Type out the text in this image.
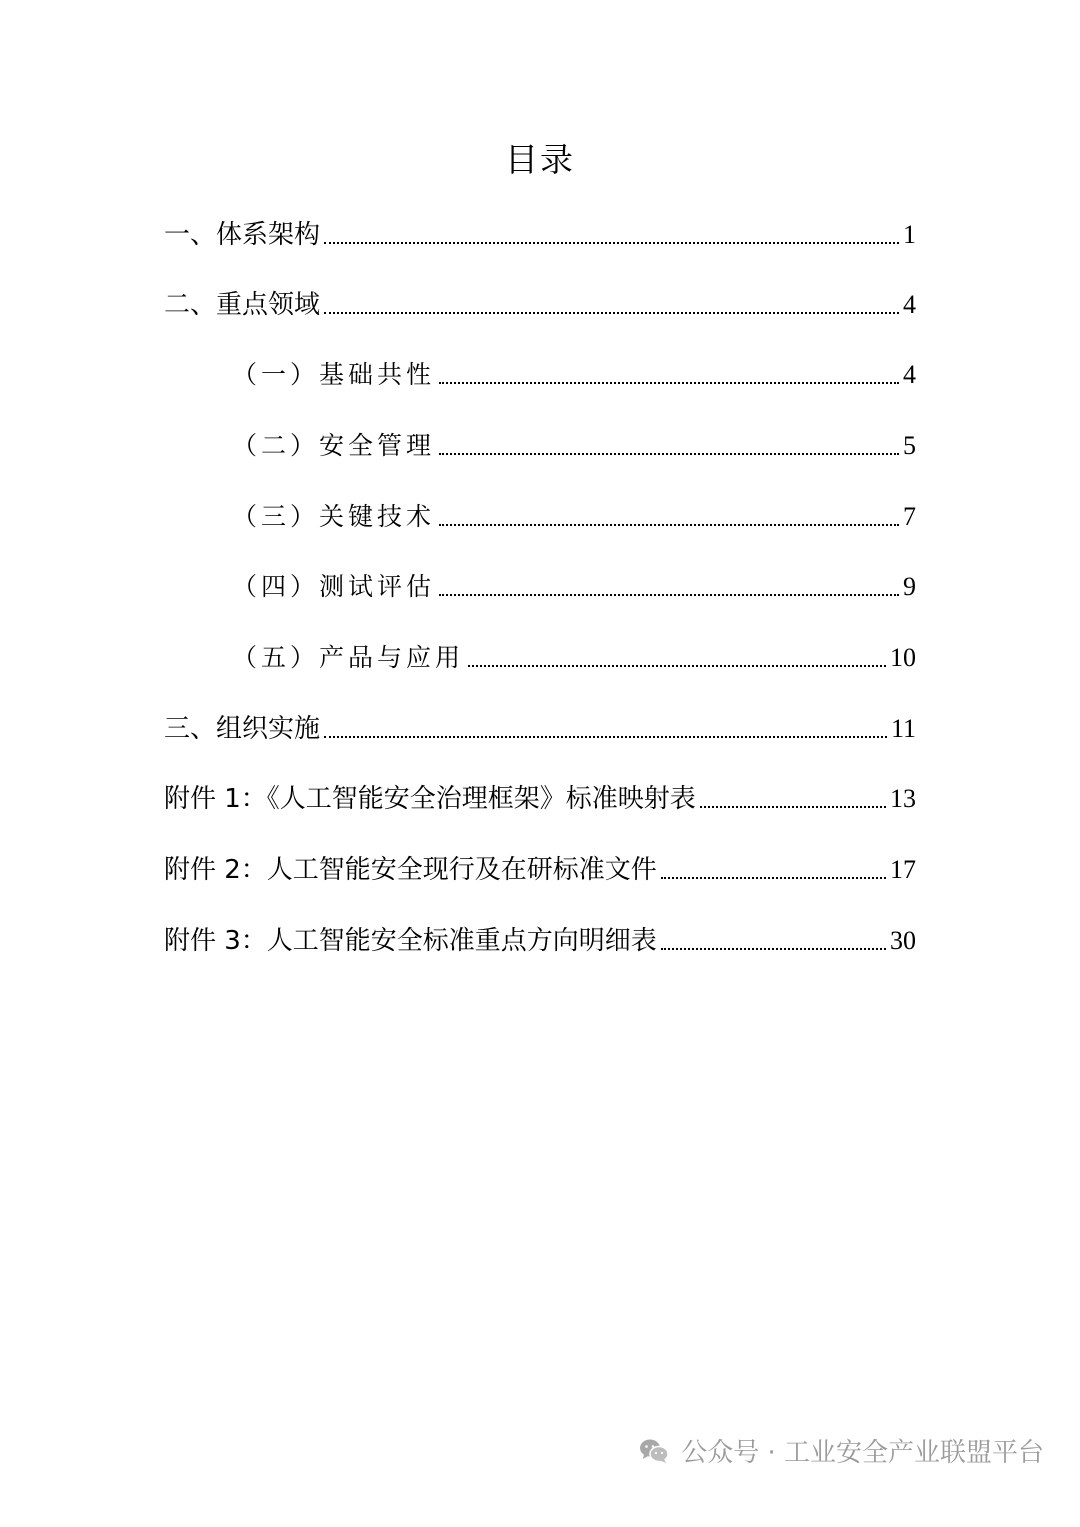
目录
一、体系架构	1
二、重点领域	4
（一）基础共性	4
（二）安全管理	5
（三）关键技术	7
（四）测试评估	9
（五）产品与应用	10
三、组织实施	11
附件 1：《人工智能安全治理框架》标准映射表	13
附件 2：人工智能安全现行及在研标准文件	17
附件 3：人工智能安全标准重点方向明细表	30
公众号 · 工业安全产业联盟平台
